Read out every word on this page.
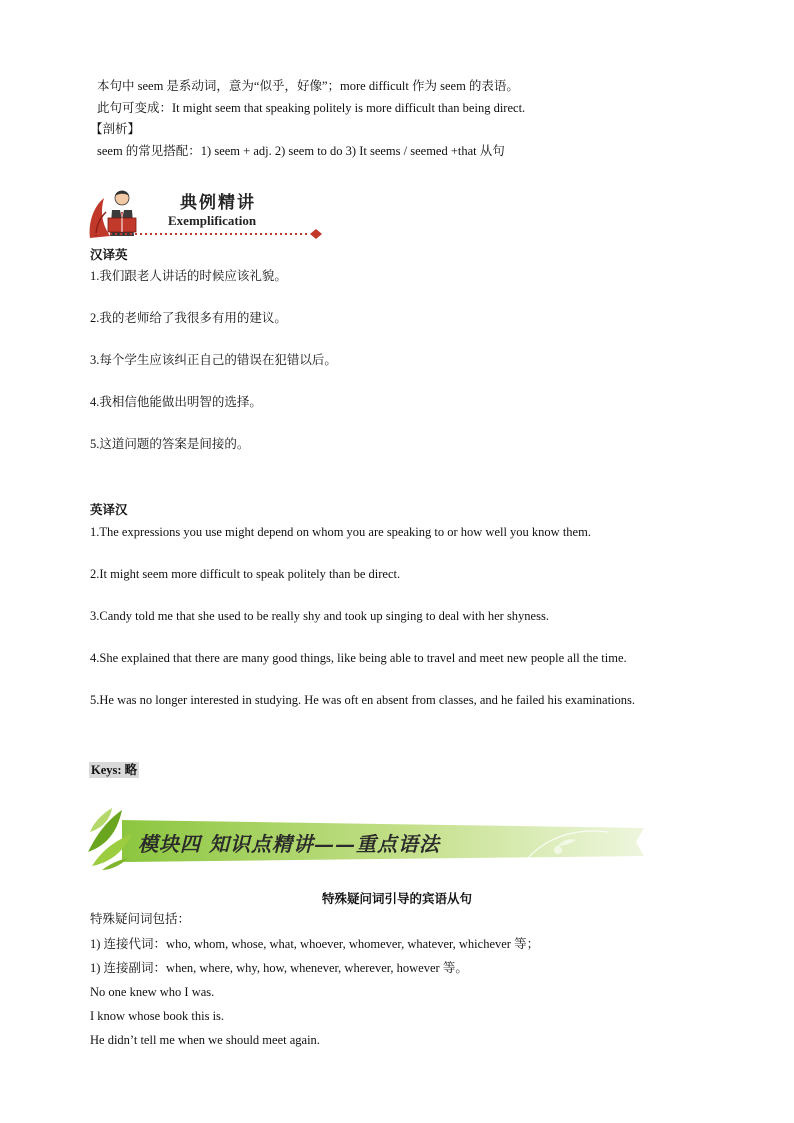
本句中 seem 是系动词，意为“似乎，好像”；more difficult 作为 seem 的表语。
此句可变成：It might seem that speaking politely is more difficult than being direct.
【剖析】
seem 的常见搭配：1) seem + adj. 2) seem to do 3) It seems / seemed +that 从句
典例精讲
Exemplification
汉译英
1.我们跟老人讲话的时候应该礼貌。
2.我的老师给了我很多有用的建议。
3.每个学生应该纠正自己的错误在犯错以后。
4.我相信他能做出明智的选择。
5.这道问题的答案是间接的。
英译汉
1.The expressions you use might depend on whom you are speaking to or how well you know them.
2.It might seem more difficult to speak politely than be direct.
3.Candy told me that she used to be really shy and took up singing to deal with her shyness.
4.She explained that there are many good things, like being able to travel and meet new people all the time.
5.He was no longer interested in studying. He was oft en absent from classes, and he failed his examinations.
Keys: 略
模块四 知识点精讲——重点语法
特殊疑问词引导的宾语从句
特殊疑问词包括：
1) 连接代词：who, whom, whose, what, whoever, whomever, whatever, whichever 等；
1) 连接副词：when, where, why, how, whenever, wherever, however 等。
No one knew who I was.
I know whose book this is.
He didn’t tell me when we should meet again.
